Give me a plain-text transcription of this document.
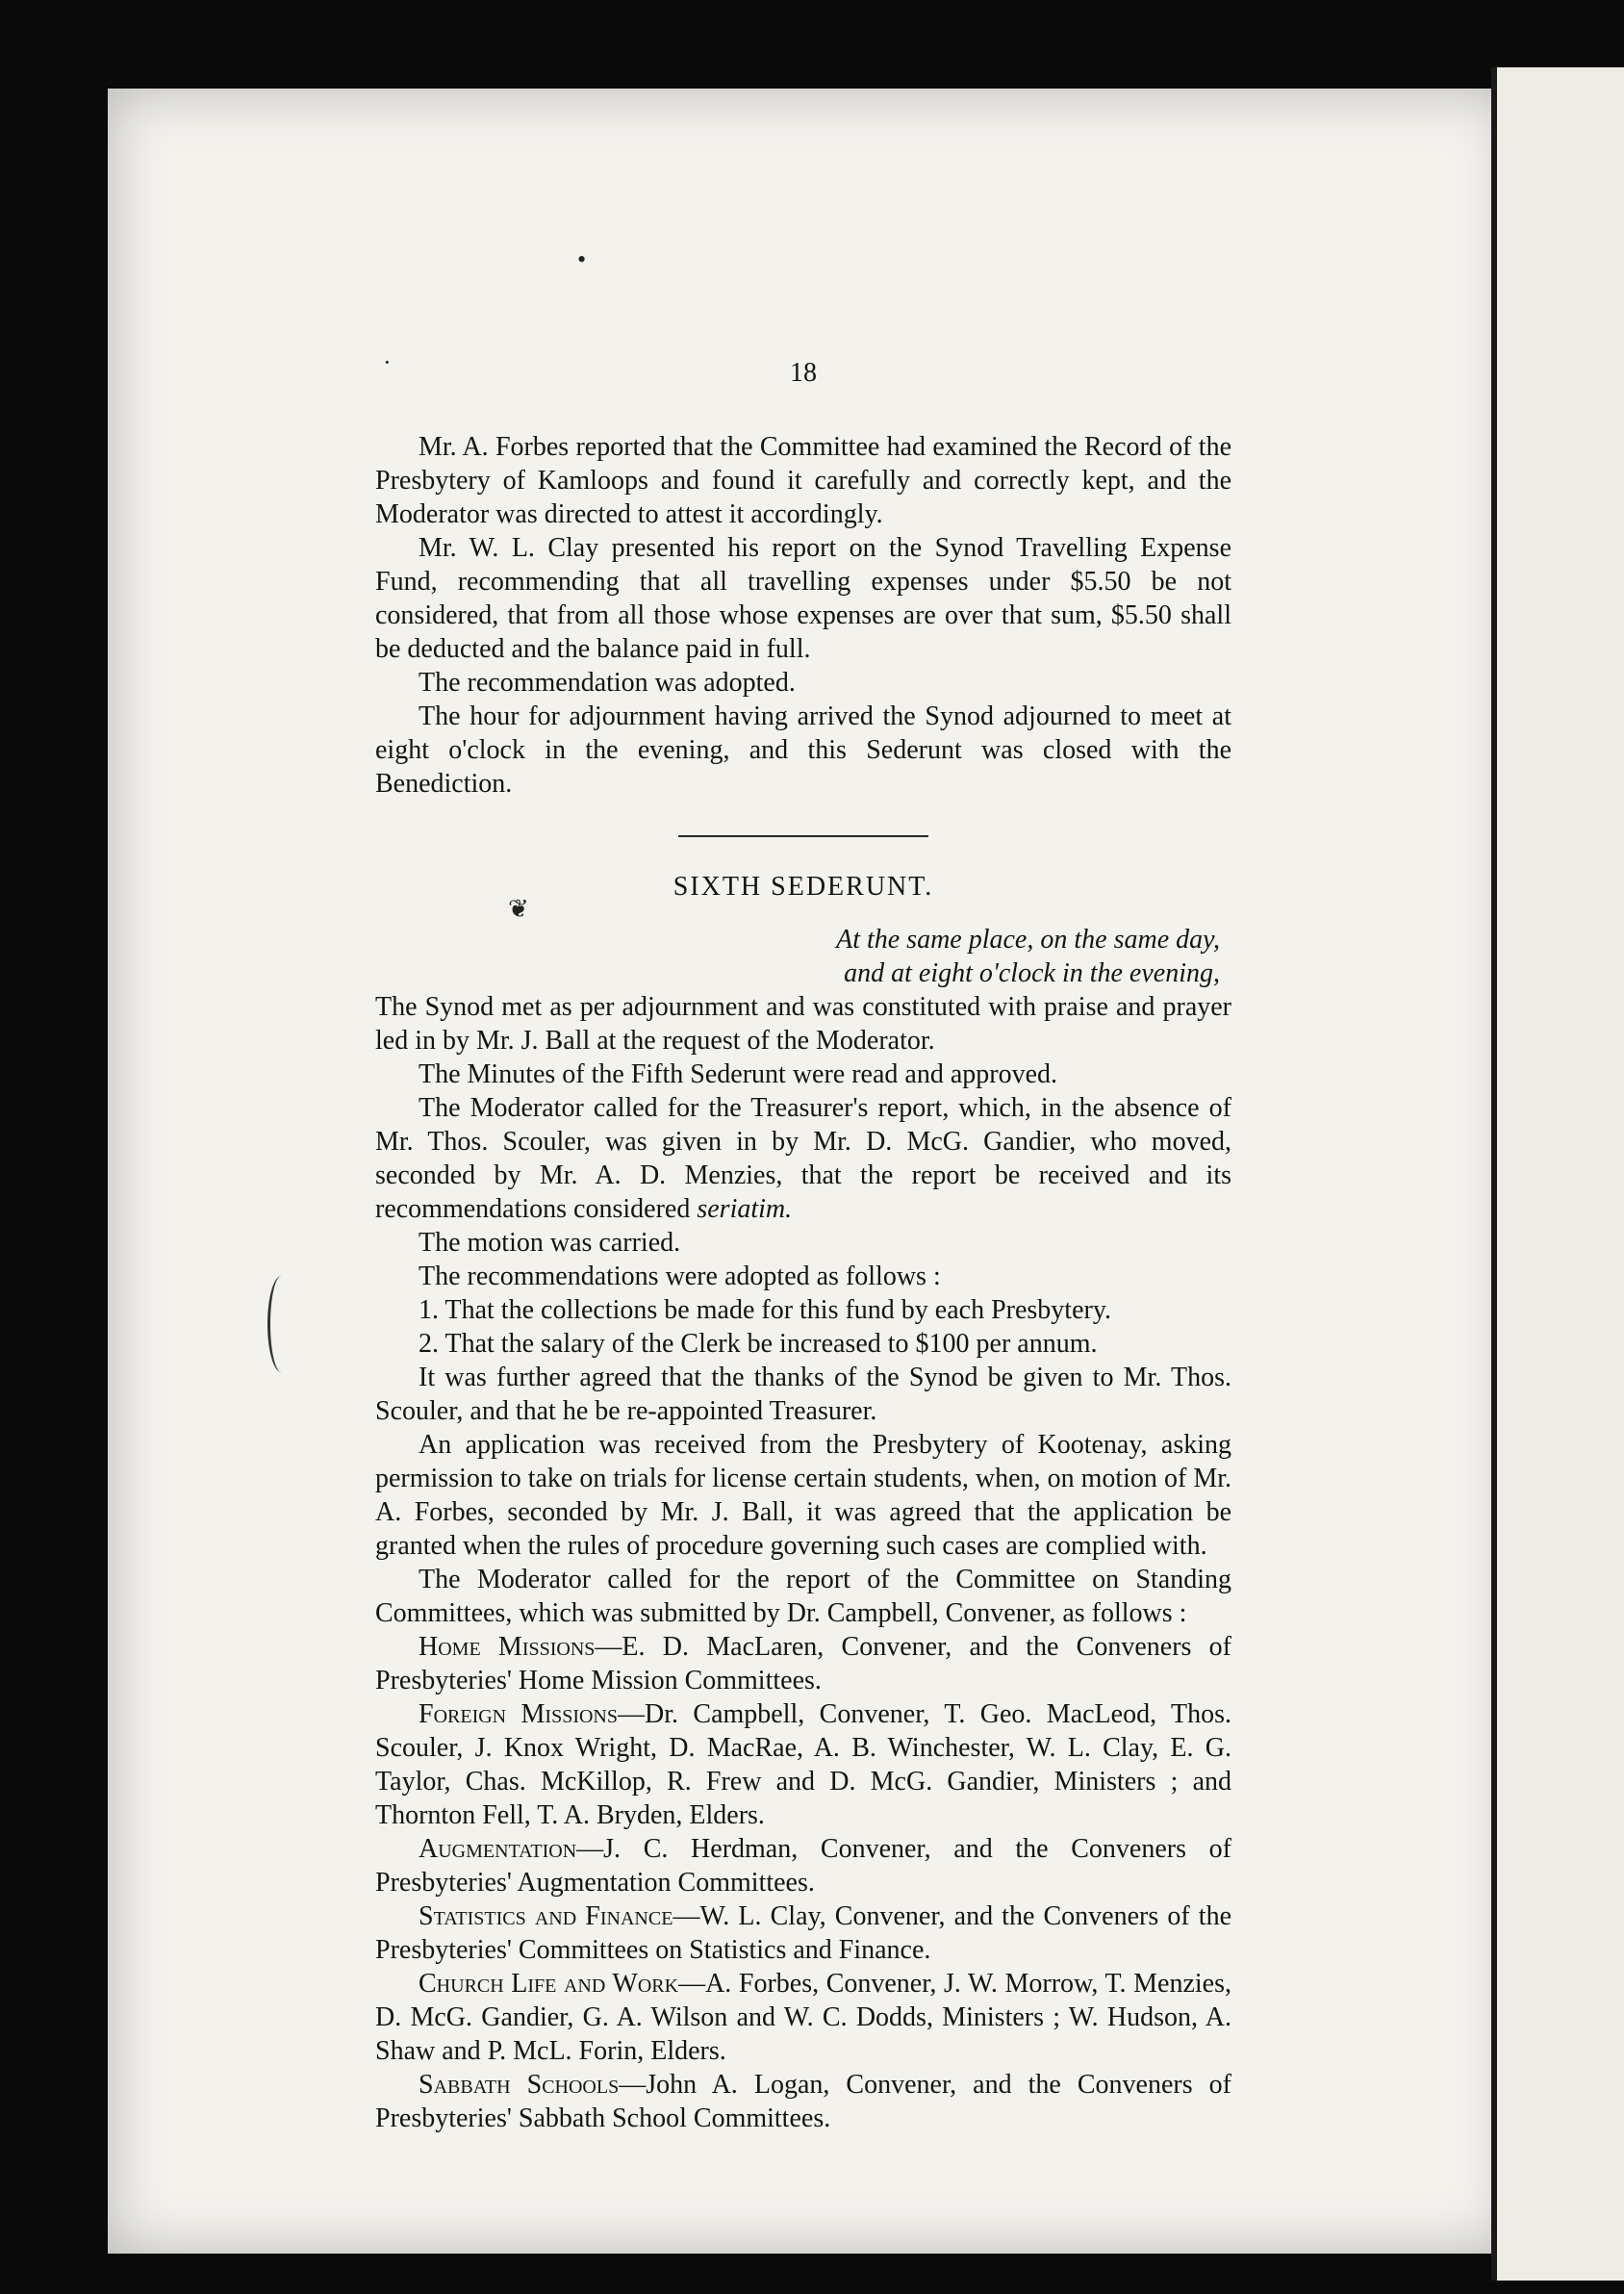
•
·
❦
18

Mr. A. Forbes reported that the Committee had examined the Record of the Presbytery of Kamloops and found it carefully and correctly kept, and the Moderator was directed to attest it accordingly.

Mr. W. L. Clay presented his report on the Synod Travelling Expense Fund, recommending that all travelling expenses under $5.50 be not considered, that from all those whose expenses are over that sum, $5.50 shall be deducted and the balance paid in full.

The recommendation was adopted.

The hour for adjournment having arrived the Synod adjourned to meet at eight o'clock in the evening, and this Sederunt was closed with the Benediction.

SIXTH SEDERUNT.
At the same place, on the same day,
and at eight o'clock in the evening,

The Synod met as per adjournment and was constituted with praise and prayer led in by Mr. J. Ball at the request of the Moderator.

The Minutes of the Fifth Sederunt were read and approved.

The Moderator called for the Treasurer's report, which, in the absence of Mr. Thos. Scouler, was given in by Mr. D. McG. Gandier, who moved, seconded by Mr. A. D. Menzies, that the report be received and its recommendations considered seriatim.

The motion was carried.

The recommendations were adopted as follows :

1. That the collections be made for this fund by each Presbytery.

2. That the salary of the Clerk be increased to $100 per annum.

It was further agreed that the thanks of the Synod be given to Mr. Thos. Scouler, and that he be re-appointed Treasurer.

An application was received from the Presbytery of Kootenay, asking permission to take on trials for license certain students, when, on motion of Mr. A. Forbes, seconded by Mr. J. Ball, it was agreed that the application be granted when the rules of procedure governing such cases are complied with.

The Moderator called for the report of the Committee on Standing Committees, which was submitted by Dr. Campbell, Convener, as follows :

Home Missions—E. D. MacLaren, Convener, and the Conveners of Presbyteries' Home Mission Committees.

Foreign Missions—Dr. Campbell, Convener, T. Geo. MacLeod, Thos. Scouler, J. Knox Wright, D. MacRae, A. B. Winchester, W. L. Clay, E. G. Taylor, Chas. McKillop, R. Frew and D. McG. Gandier, Ministers ; and Thornton Fell, T. A. Bryden, Elders.

Augmentation—J. C. Herdman, Convener, and the Conveners of Presbyteries' Augmentation Committees.

Statistics and Finance—W. L. Clay, Convener, and the Conveners of the Presbyteries' Committees on Statistics and Finance.

Church Life and Work—A. Forbes, Convener, J. W. Morrow, T. Menzies, D. McG. Gandier, G. A. Wilson and W. C. Dodds, Ministers ; W. Hudson, A. Shaw and P. McL. Forin, Elders.

Sabbath Schools—John A. Logan, Convener, and the Conveners of Presbyteries' Sabbath School Committees.
